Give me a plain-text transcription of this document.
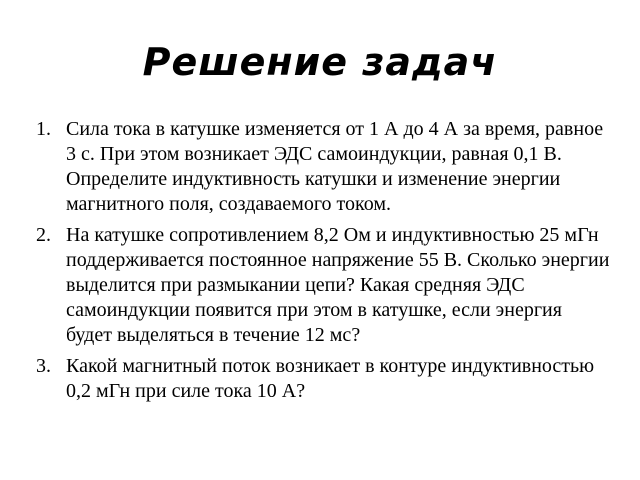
Решение задач
1. Сила тока в катушке изменяется от 1 А до 4 А за время, равное 3 с. При этом возникает ЭДС самоиндукции, равная 0,1 В. Определите индуктивность катушки и изменение энергии магнитного поля, создаваемого током.
2. На катушке сопротивлением 8,2 Ом и индуктивностью 25 мГн поддерживается постоянное напряжение 55 В. Сколько энергии выделится при размыкании цепи? Какая средняя ЭДС самоиндукции появится при этом в катушке, если энергия будет выделяться в течение 12 мс?
3. Какой магнитный поток возникает в контуре индуктивностью 0,2 мГн при силе тока 10 А?
